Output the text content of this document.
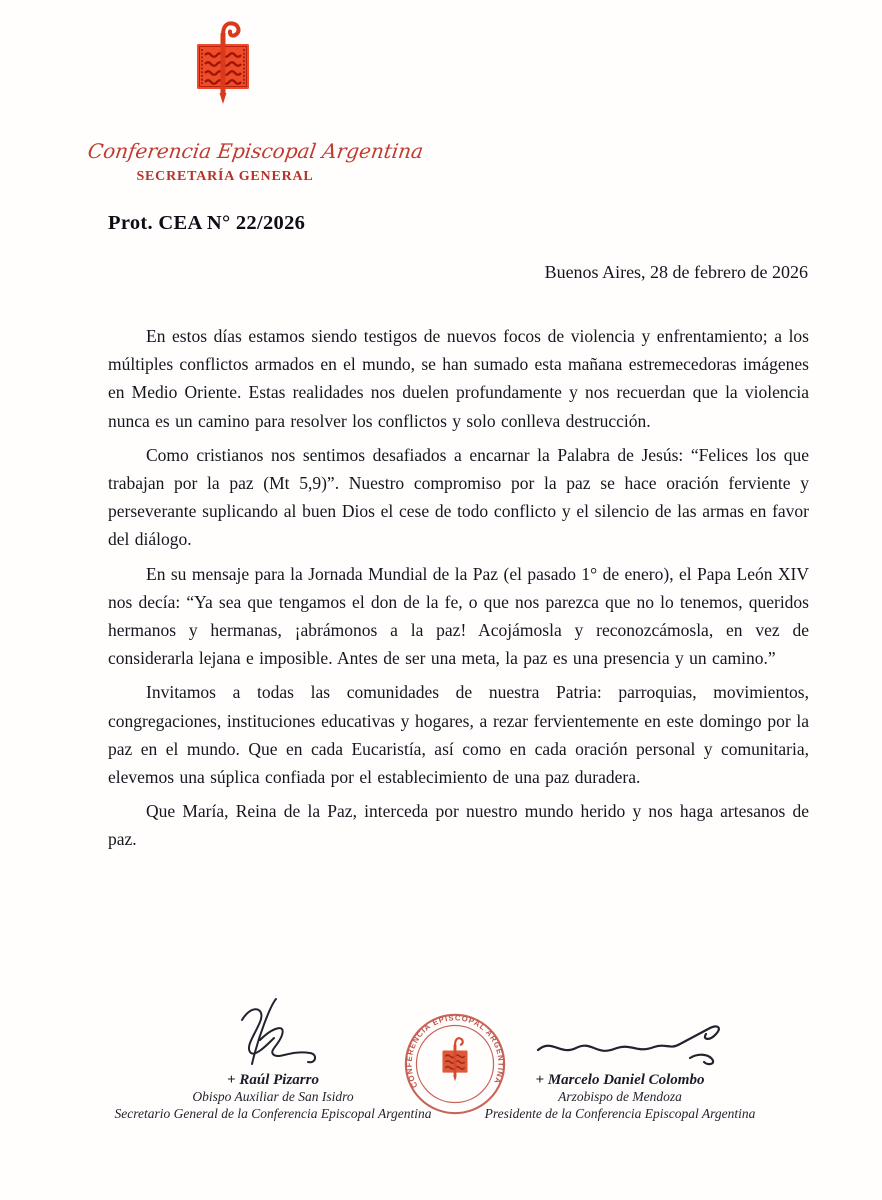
Conferencia Episcopal Argentina
SECRETARÍA GENERAL
Prot. CEA N° 22/2026
Buenos Aires, 28 de febrero de 2026

En estos días estamos siendo testigos de nuevos focos de violencia y enfrentamiento; a los múltiples conflictos armados en el mundo, se han sumado esta mañana estremecedoras imágenes en Medio Oriente. Estas realidades nos duelen profundamente y nos recuerdan que la violencia nunca es un camino para resolver los conflictos y solo conlleva destrucción.

Como cristianos nos sentimos desafiados a encarnar la Palabra de Jesús: “Felices los que trabajan por la paz (Mt 5,9)”. Nuestro compromiso por la paz se hace oración ferviente y perseverante suplicando al buen Dios el cese de todo conflicto y el silencio de las armas en favor del diálogo.

En su mensaje para la Jornada Mundial de la Paz (el pasado 1° de enero), el Papa León XIV nos decía: “Ya sea que tengamos el don de la fe, o que nos parezca que no lo tenemos, queridos hermanos y hermanas, ¡abrámonos a la paz! Acojámosla y reconozcámosla, en vez de considerarla lejana e imposible. Antes de ser una meta, la paz es una presencia y un camino.”

Invitamos a todas las comunidades de nuestra Patria: parroquias, movimientos, congregaciones, instituciones educativas y hogares, a rezar fervientemente en este domingo por la paz en el mundo. Que en cada Eucaristía, así como en cada oración personal y comunitaria, elevemos una súplica confiada por el establecimiento de una paz duradera.

Que María, Reina de la Paz, interceda por nuestro mundo herido y nos haga artesanos de paz.

CONFERENCIA EPISCOPAL ARGENTINA
+ Raúl Pizarro
Obispo Auxiliar de San Isidro
Secretario General de la Conferencia Episcopal Argentina
+ Marcelo Daniel Colombo
Arzobispo de Mendoza
Presidente de la Conferencia Episcopal Argentina
